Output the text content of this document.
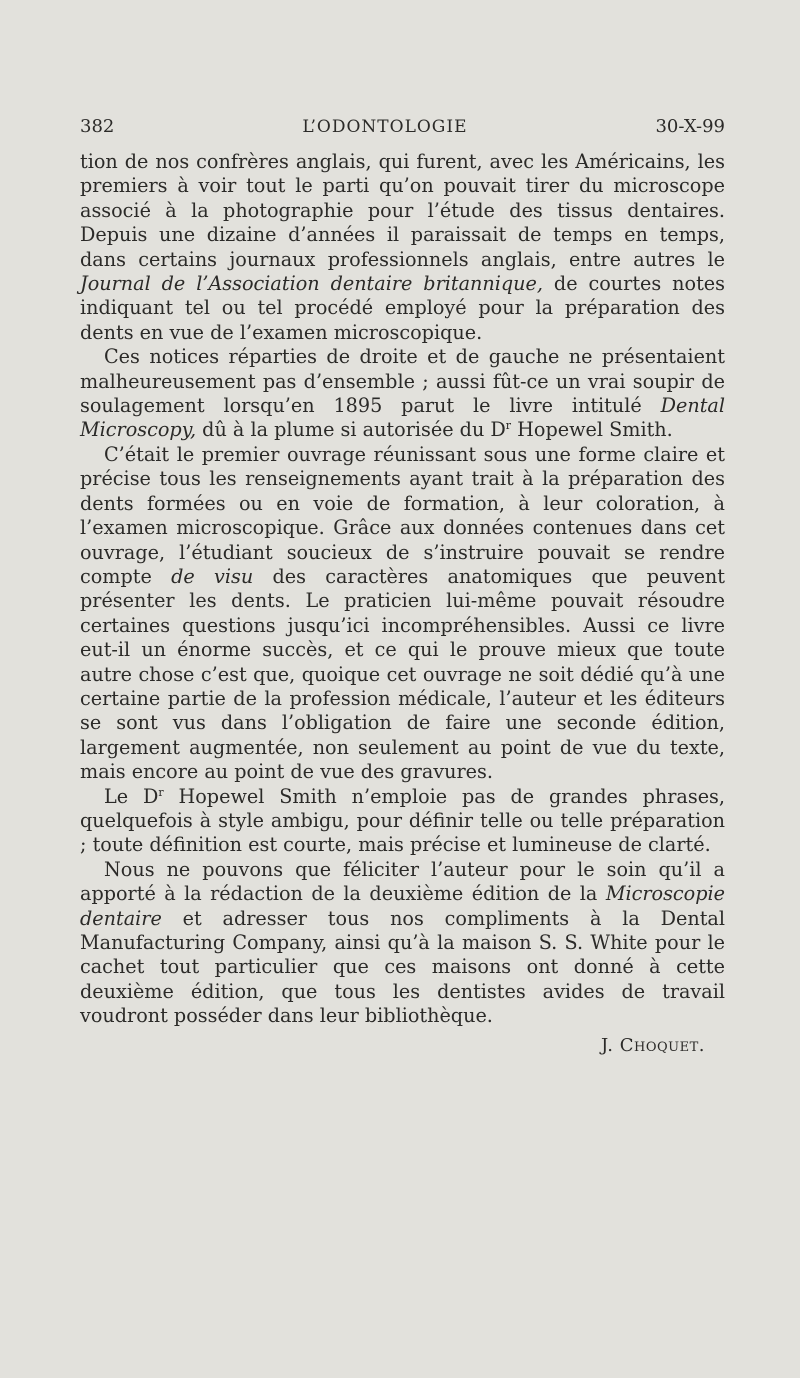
382	L’ODONTOLOGIE	30-X-99

tion de nos confrères anglais, qui furent, avec les Américains, les premiers à voir tout le parti qu’on pouvait tirer du microscope associé à la photographie pour l’étude des tissus dentaires. Depuis une dizaine d’années il paraissait de temps en temps, dans certains journaux professionnels anglais, entre autres le Journal de l’Association dentaire britannique, de courtes notes indiquant tel ou tel procédé employé pour la préparation des dents en vue de l’examen microscopique.

Ces notices réparties de droite et de gauche ne présentaient malheureusement pas d’ensemble ; aussi fût-ce un vrai soupir de soulagement lorsqu’en 1895 parut le livre intitulé Dental Microscopy, dû à la plume si autorisée du $D^r$ Hopewel Smith.

C’était le premier ouvrage réunissant sous une forme claire et précise tous les renseignements ayant trait à la préparation des dents formées ou en voie de formation, à leur coloration, à l’examen microscopique. Grâce aux données contenues dans cet ouvrage, l’étudiant soucieux de s’instruire pouvait se rendre compte de visu des caractères anatomiques que peuvent présenter les dents. Le praticien lui-même pouvait résoudre certaines questions jusqu’ici incompréhensibles. Aussi ce livre eut-il un énorme succès, et ce qui le prouve mieux que toute autre chose c’est que, quoique cet ouvrage ne soit dédié qu’à une certaine partie de la profession médicale, l’auteur et les éditeurs se sont vus dans l’obligation de faire une seconde édition, largement augmentée, non seulement au point de vue du texte, mais encore au point de vue des gravures.

Le $D^r$ Hopewel Smith n’emploie pas de grandes phrases, quelquefois à style ambigu, pour définir telle ou telle préparation ; toute définition est courte, mais précise et lumineuse de clarté.

Nous ne pouvons que féliciter l’auteur pour le soin qu’il a apporté à la rédaction de la deuxième édition de la Microscopie dentaire et adresser tous nos compliments à la Dental Manufacturing Company, ainsi qu’à la maison S. S. White pour le cachet tout particulier que ces maisons ont donné à cette deuxième édition, que tous les dentistes avides de travail voudront posséder dans leur bibliothèque.

J. Choquet.
